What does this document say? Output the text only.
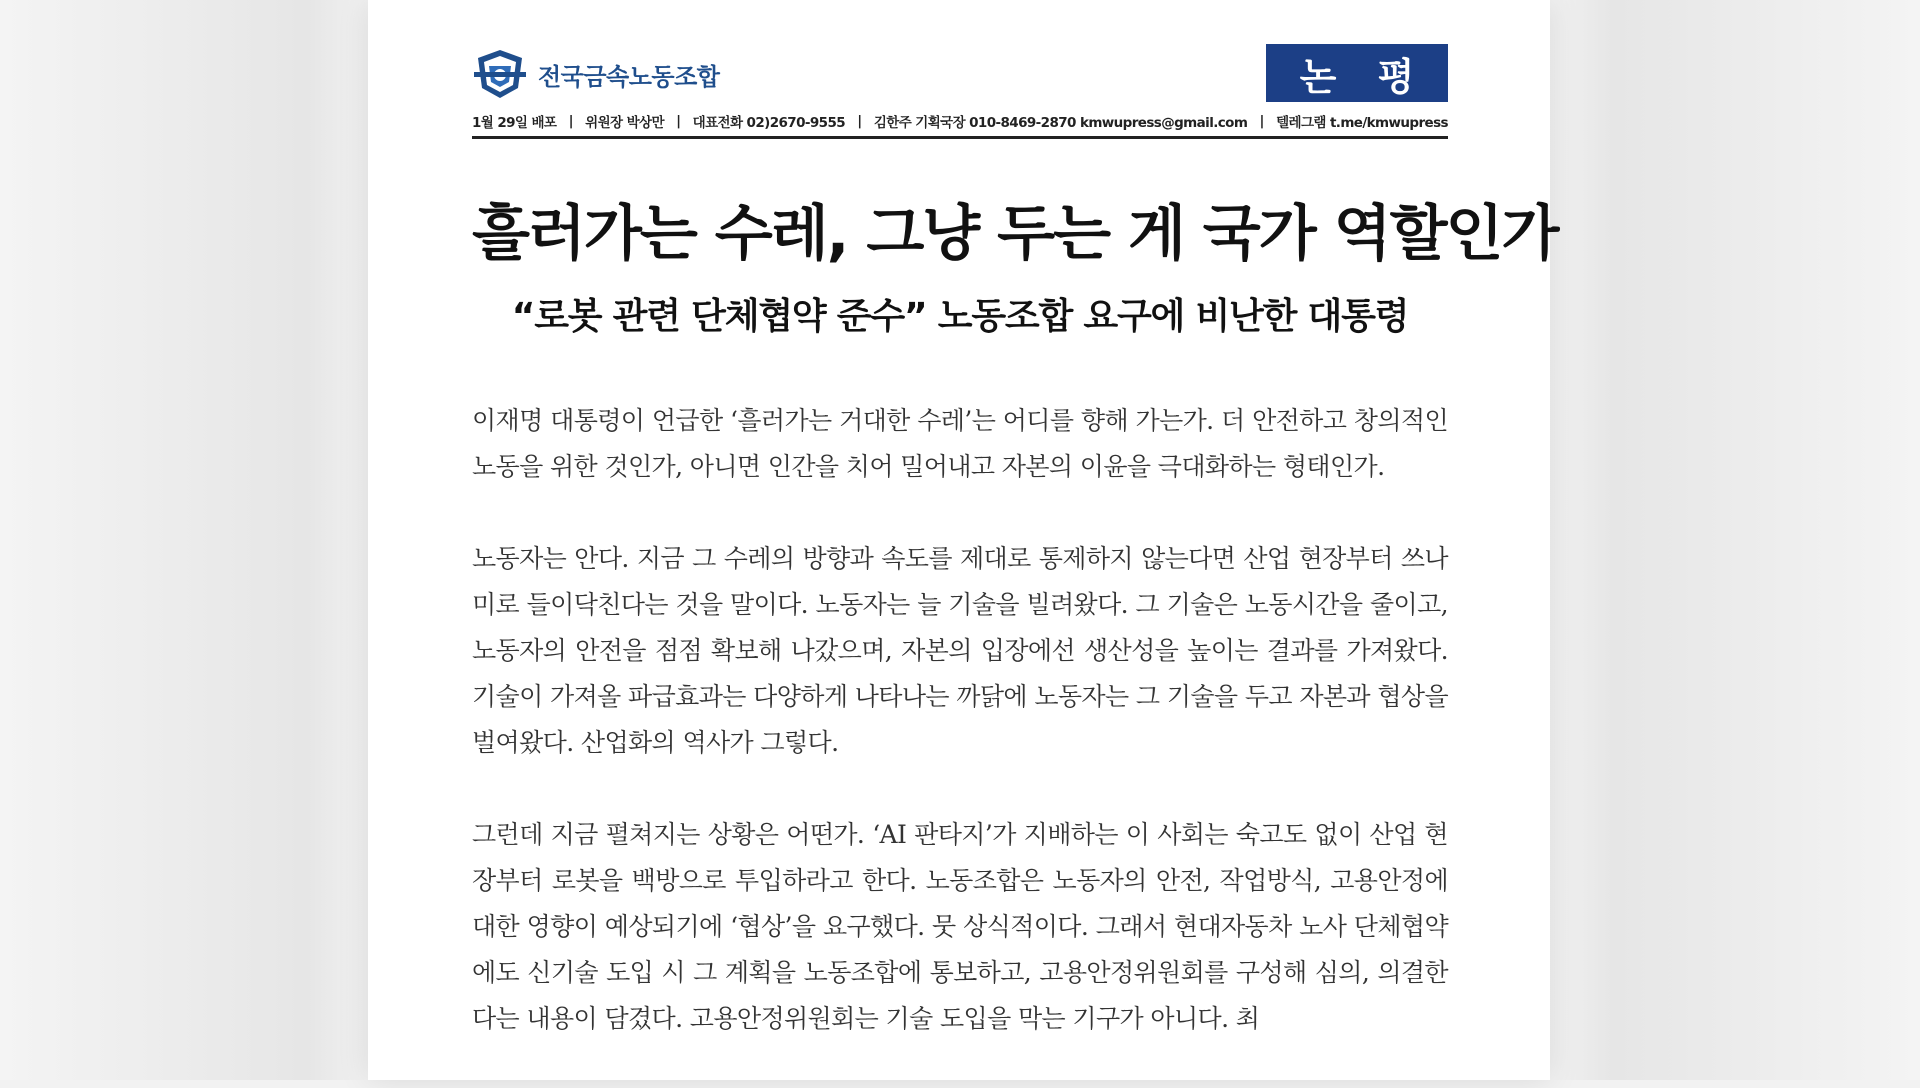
전국금속노동조합	논 평
1월 29일 배포 | 위원장 박상만 | 대표전화 02)2670-9555 | 김한주 기획국장 010-8469-2870 kmwupress@gmail.com | 텔레그램 t.me/kmwupress
흘러가는 수레, 그냥 두는 게 국가 역할인가
“로봇 관련 단체협약 준수” 노동조합 요구에 비난한 대통령

이재명 대통령이 언급한 ‘흘러가는 거대한 수레’는 어디를 향해 가는가. 더 안전하고 창의적인 노동을 위한 것인가, 아니면 인간을 치어 밀어내고 자본의 이윤을 극대화하는 형태인가.

노동자는 안다. 지금 그 수레의 방향과 속도를 제대로 통제하지 않는다면 산업 현장부터 쓰나미로 들이닥친다는 것을 말이다. 노동자는 늘 기술을 빌려왔다. 그 기술은 노동시간을 줄이고, 노동자의 안전을 점점 확보해 나갔으며, 자본의 입장에선 생산성을 높이는 결과를 가져왔다. 기술이 가져올 파급효과는 다양하게 나타나는 까닭에 노동자는 그 기술을 두고 자본과 협상을 벌여왔다. 산업화의 역사가 그렇다.

그런데 지금 펼쳐지는 상황은 어떤가. ‘AI 판타지’가 지배하는 이 사회는 숙고도 없이 산업 현장부터 로봇을 백방으로 투입하라고 한다. 노동조합은 노동자의 안전, 작업방식, 고용안정에 대한 영향이 예상되기에 ‘협상’을 요구했다. 뭇 상식적이다. 그래서 현대자동차 노사 단체협약에도 신기술 도입 시 그 계획을 노동조합에 통보하고, 고용안정위원회를 구성해 심의, 의결한다는 내용이 담겼다. 고용안정위원회는 기술 도입을 막는 기구가 아니다. 최
